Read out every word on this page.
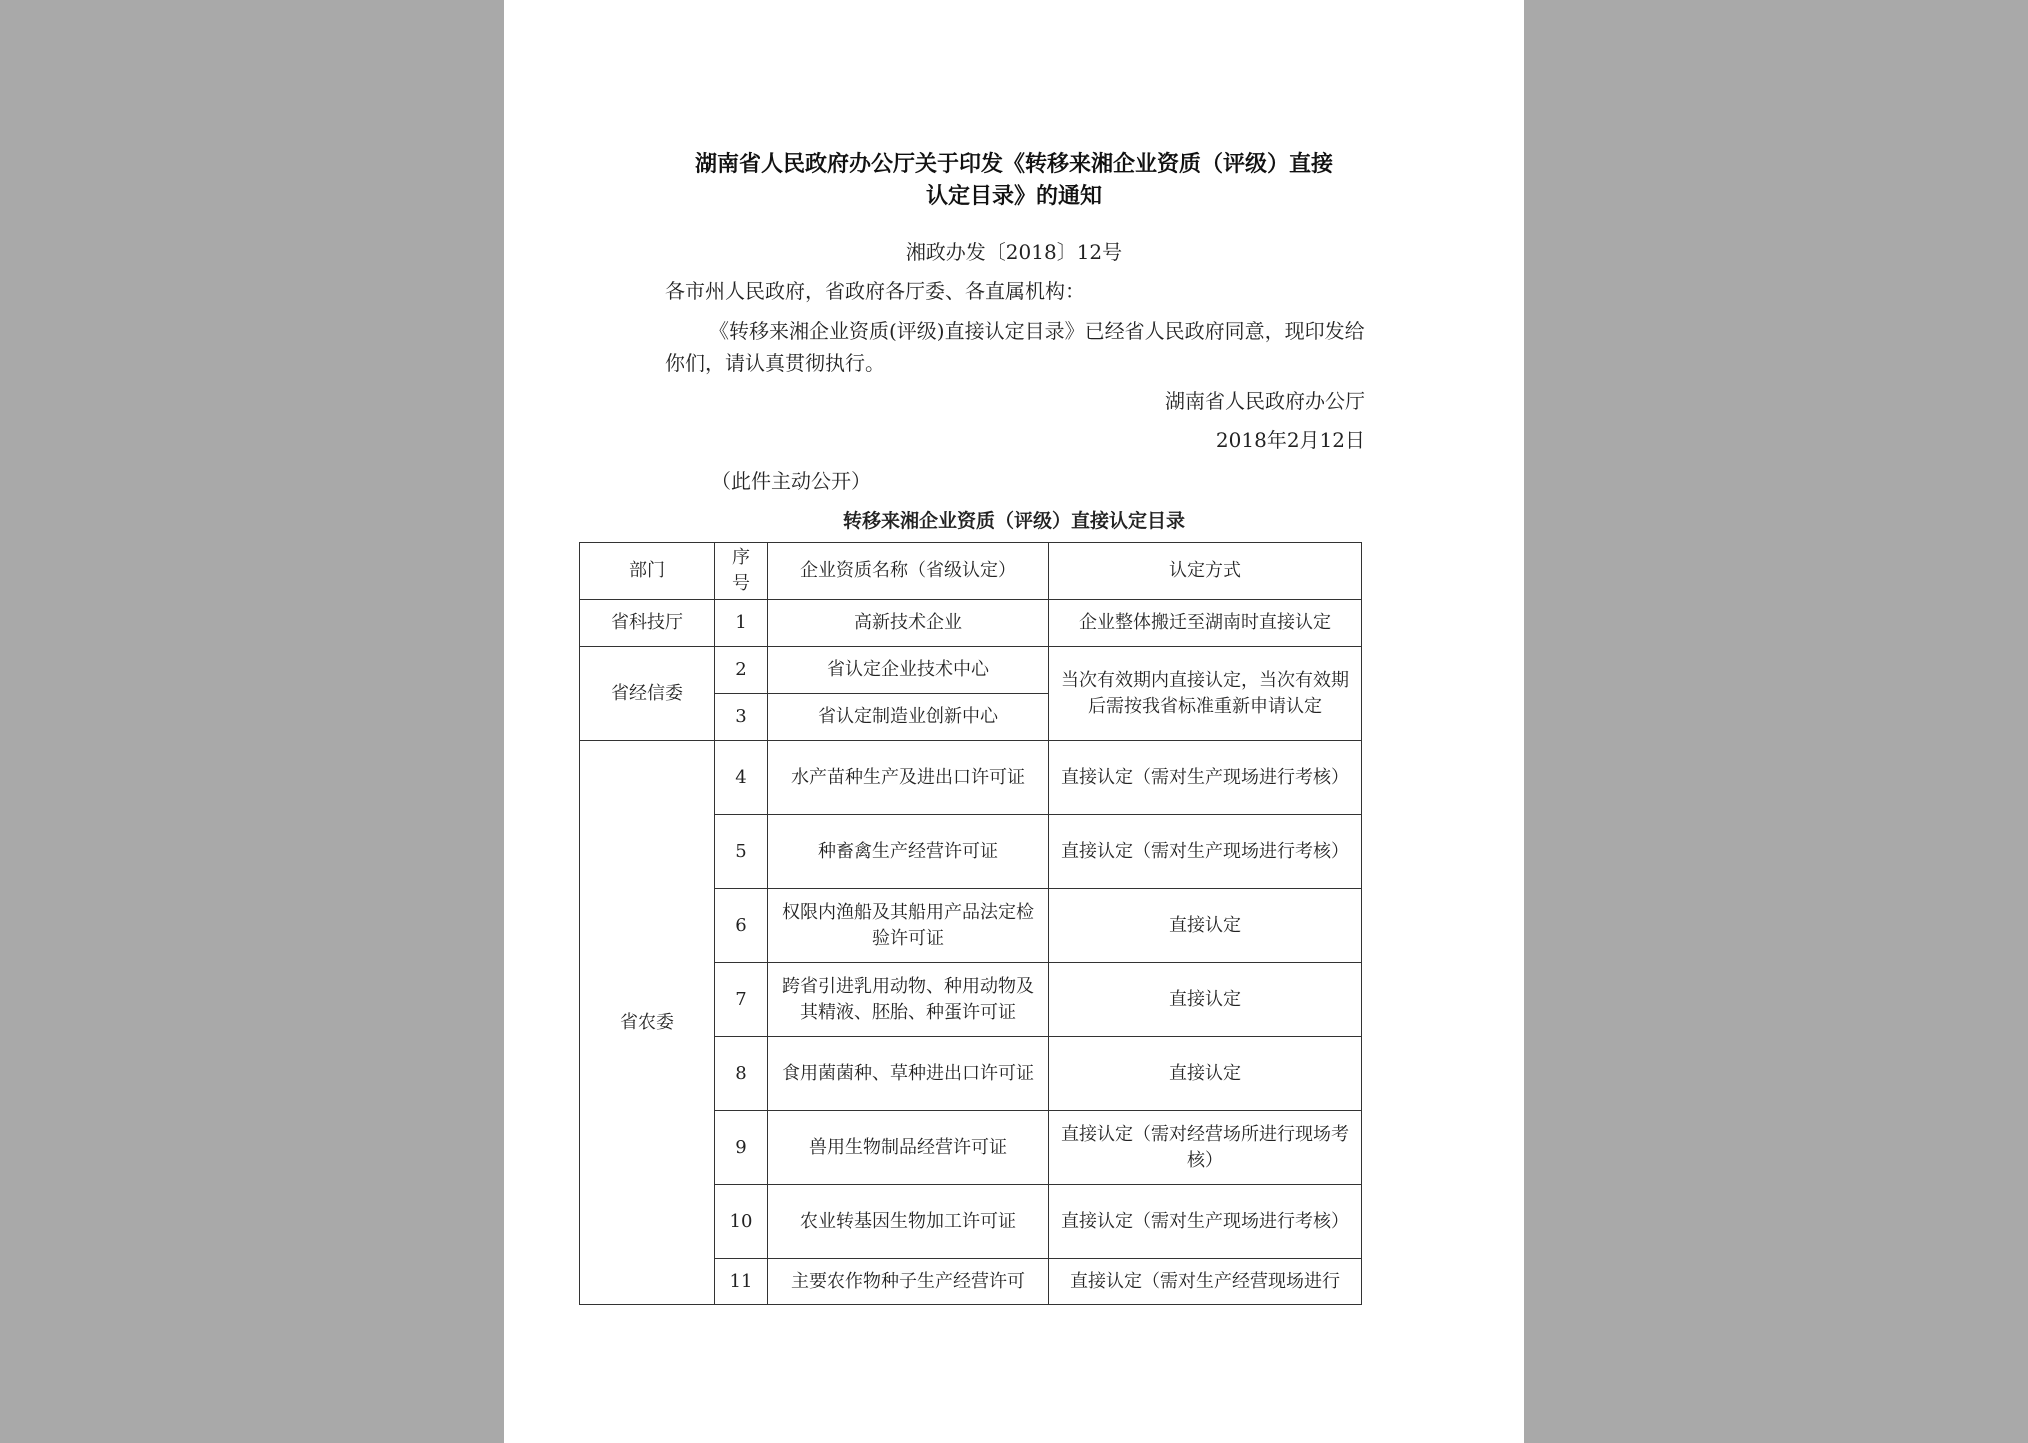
湖南省人民政府办公厅关于印发《转移来湘企业资质（评级）直接
认定目录》的通知
湘政办发〔2018〕12号
各市州人民政府，省政府各厅委、各直属机构：
《转移来湘企业资质(评级)直接认定目录》已经省人民政府同意，现印发给你们，请认真贯彻执行。
湖南省人民政府办公厅
2018年2月12日
（此件主动公开）
转移来湘企业资质（评级）直接认定目录
部门	序号	企业资质名称（省级认定）	认定方式
省科技厅	1	高新技术企业	企业整体搬迁至湖南时直接认定
省经信委	2	省认定企业技术中心	当次有效期内直接认定，当次有效期后需按我省标准重新申请认定
	3	省认定制造业创新中心	
省农委	4	水产苗种生产及进出口许可证	直接认定（需对生产现场进行考核）
	5	种畜禽生产经营许可证	直接认定（需对生产现场进行考核）
	6	权限内渔船及其船用产品法定检验许可证	直接认定
	7	跨省引进乳用动物、种用动物及其精液、胚胎、种蛋许可证	直接认定
	8	食用菌菌种、草种进出口许可证	直接认定
	9	兽用生物制品经营许可证	直接认定（需对经营场所进行现场考核）
	10	农业转基因生物加工许可证	直接认定（需对生产现场进行考核）
	11	主要农作物种子生产经营许可	直接认定（需对生产经营现场进行
